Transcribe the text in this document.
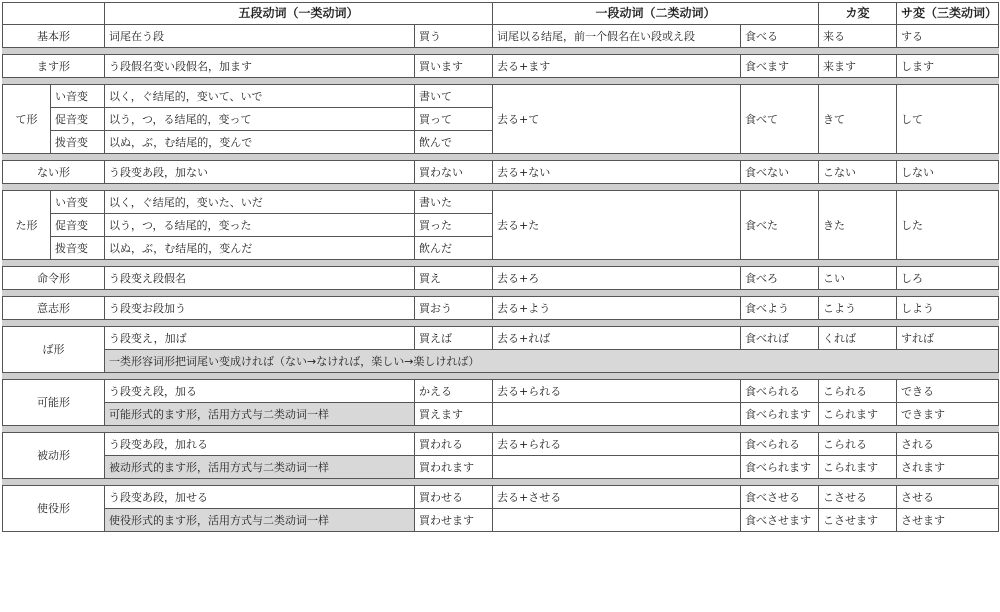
		五段动词（一类动词）		一段动词（二类动词）		カ変	サ変（三类动词）
基本形		词尾在う段	買う	词尾以る结尾，前一个假名在い段或え段	食べる	来る	する

ます形		う段假名变い段假名，加ます	買います	去る+ます	食べます	来ます	します

て形	い音变	以く，ぐ结尾的，变いて、いで	書いて	去る+て	食べて	きて	して
	促音变	以う，つ，る结尾的，变って	買って				
	拨音变	以ぬ，ぶ，む结尾的，变んで	飲んで				

ない形		う段变あ段，加ない	買わない	去る+ない	食べない	こない	しない

た形	い音变	以く，ぐ结尾的，变いた、いだ	書いた	去る+た	食べた	きた	した
	促音变	以う，つ，る结尾的，变った	買った				
	拨音变	以ぬ，ぶ，む结尾的，变んだ	飲んだ				

命令形		う段变え段假名	買え	去る+ろ	食べろ	こい	しろ

意志形		う段变お段加う	買おう	去る+よう	食べよう	こよう	しよう

ば形		う段变え，加ば	買えば	去る+れば	食べれば	くれば	すれば
		一类形容词形把词尾い变成ければ（ない→なければ，楽しい→楽しければ）					

可能形		う段变え段，加る	かえる	去る+られる	食べられる	こられる	できる
		可能形式的ます形，活用方式与二类动词一样	買えます		食べられます	こられます	できます

被动形		う段变あ段，加れる	買われる	去る+られる	食べられる	こられる	される
		被动形式的ます形，活用方式与二类动词一样	買われます		食べられます	こられます	されます

使役形		う段变あ段，加せる	買わせる	去る+させる	食べさせる	こさせる	させる
		使役形式的ます形，活用方式与二类动词一样	買わせます		食べさせます	こさせます	させます
